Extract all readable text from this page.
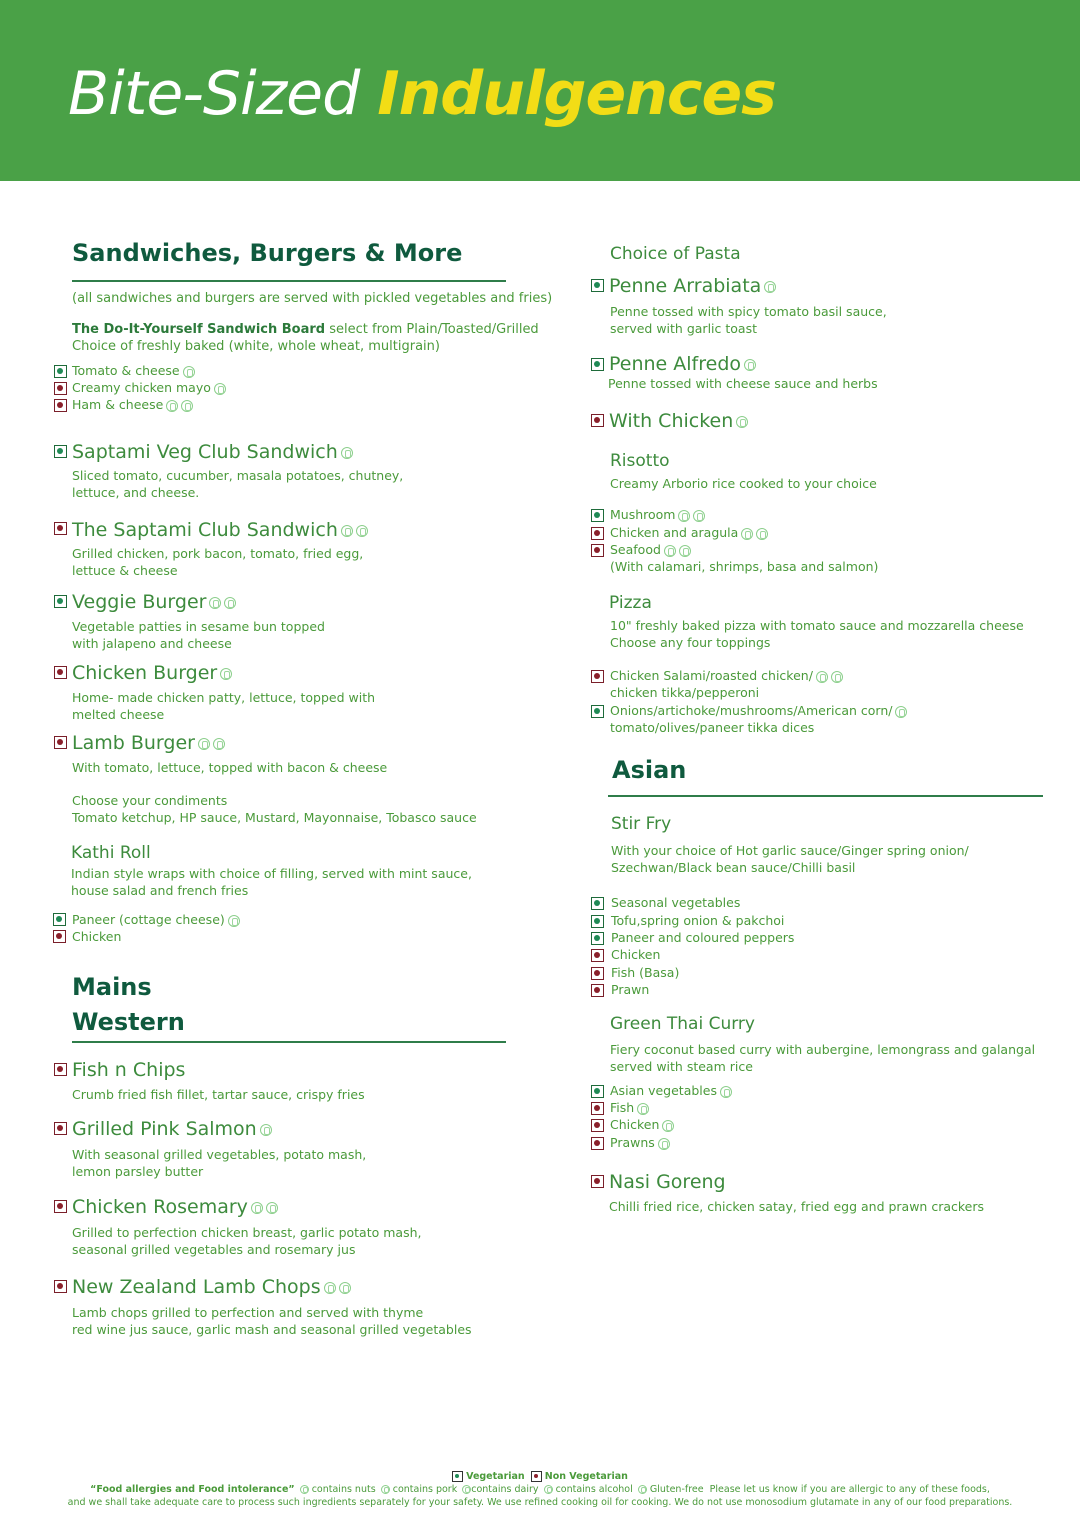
Bite-Sized Indulgences
Sandwiches, Burgers & More
(all sandwiches and burgers are served with pickled vegetables and fries)
The Do-It-Yourself Sandwich Board select from Plain/Toasted/Grilled
Choice of freshly baked (white, whole wheat, multigrain)
Tomato & cheese
Creamy chicken mayo
Ham & cheese
Saptami Veg Club Sandwich
Sliced tomato, cucumber, masala potatoes, chutney,
lettuce, and cheese.
The Saptami Club Sandwich
Grilled chicken, pork bacon, tomato, fried egg,
lettuce & cheese
Veggie Burger
Vegetable patties in sesame bun topped
with jalapeno and cheese
Chicken Burger
Home- made chicken patty, lettuce, topped with
melted cheese
Lamb Burger
With tomato, lettuce, topped with bacon & cheese
Choose your condiments
Tomato ketchup, HP sauce, Mustard, Mayonnaise, Tobasco sauce
Kathi Roll
Indian style wraps with choice of filling, served with mint sauce,
house salad and french fries
Paneer (cottage cheese)
Chicken
Mains
Western
Fish n Chips
Crumb fried fish fillet, tartar sauce, crispy fries
Grilled Pink Salmon
With seasonal grilled vegetables, potato mash,
lemon parsley butter
Chicken Rosemary
Grilled to perfection chicken breast, garlic potato mash,
seasonal grilled vegetables and rosemary jus
New Zealand Lamb Chops
Lamb chops grilled to perfection and served with thyme
red wine jus sauce, garlic mash and seasonal grilled vegetables
Choice of Pasta
Penne Arrabiata
Penne tossed with spicy tomato basil sauce,
served with garlic toast
Penne Alfredo
Penne tossed with cheese sauce and herbs
With Chicken
Risotto
Creamy Arborio rice cooked to your choice
Mushroom
Chicken and aragula
Seafood
(With calamari, shrimps, basa and salmon)
Pizza
10" freshly baked pizza with tomato sauce and mozzarella cheese
Choose any four toppings
Chicken Salami/roasted chicken/
chicken tikka/pepperoni
Onions/artichoke/mushrooms/American corn/
tomato/olives/paneer tikka dices
Asian
Stir Fry
With your choice of Hot garlic sauce/Ginger spring onion/
Szechwan/Black bean sauce/Chilli basil
Seasonal vegetables
Tofu,spring onion & pakchoi
Paneer and coloured peppers
Chicken
Fish (Basa)
Prawn
Green Thai Curry
Fiery coconut based curry with aubergine, lemongrass and galangal
served with steam rice
Asian vegetables
Fish
Chicken
Prawns
Nasi Goreng
Chilli fried rice, chicken satay, fried egg and prawn crackers
Vegetarian Non Vegetarian
“Food allergies and Food intolerance” contains nuts contains pork contains dairy contains alcohol Gluten-free Please let us know if you are allergic to any of these foods,
and we shall take adequate care to process such ingredients separately for your safety. We use refined cooking oil for cooking. We do not use monosodium glutamate in any of our food preparations.
